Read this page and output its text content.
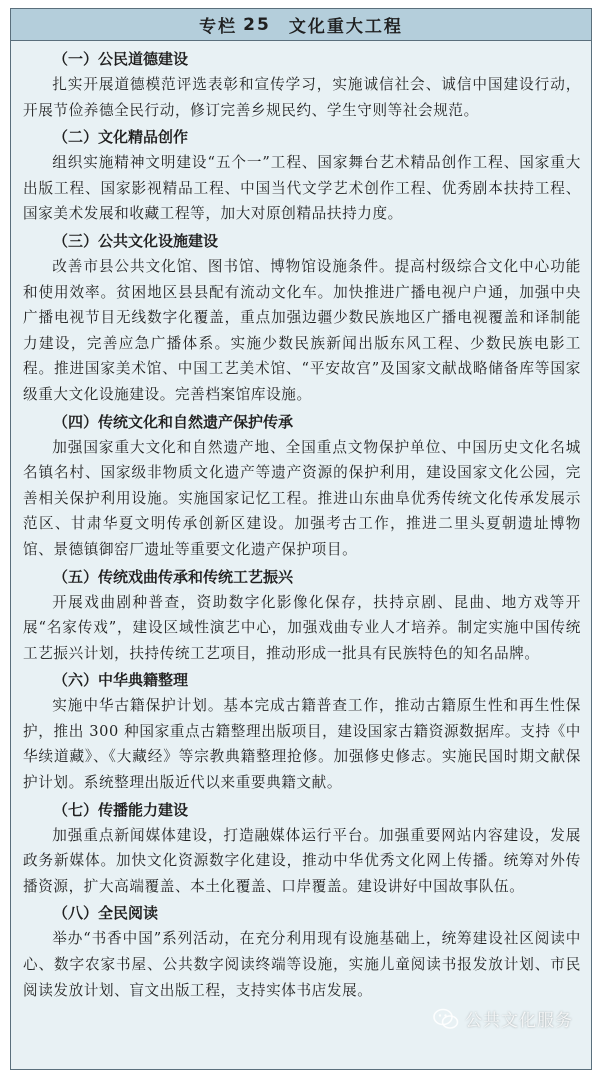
专栏 25 文化重大工程
（一）公民道德建设
扎实开展道德模范评选表彰和宣传学习，实施诚信社会、诚信中国建设行动，开展节俭养德全民行动，修订完善乡规民约、学生守则等社会规范。
（二）文化精品创作
组织实施精神文明建设“五个一”工程、国家舞台艺术精品创作工程、国家重大出版工程、国家影视精品工程、中国当代文学艺术创作工程、优秀剧本扶持工程、国家美术发展和收藏工程等，加大对原创精品扶持力度。
（三）公共文化设施建设
改善市县公共文化馆、图书馆、博物馆设施条件。提高村级综合文化中心功能和使用效率。贫困地区县县配有流动文化车。加快推进广播电视户户通，加强中央广播电视节目无线数字化覆盖，重点加强边疆少数民族地区广播电视覆盖和译制能力建设，完善应急广播体系。实施少数民族新闻出版东风工程、少数民族电影工程。推进国家美术馆、中国工艺美术馆、“平安故宫”及国家文献战略储备库等国家级重大文化设施建设。完善档案馆库设施。
（四）传统文化和自然遗产保护传承
加强国家重大文化和自然遗产地、全国重点文物保护单位、中国历史文化名城名镇名村、国家级非物质文化遗产等遗产资源的保护利用，建设国家文化公园，完善相关保护利用设施。实施国家记忆工程。推进山东曲阜优秀传统文化传承发展示范区、甘肃华夏文明传承创新区建设。加强考古工作，推进二里头夏朝遗址博物馆、景德镇御窑厂遗址等重要文化遗产保护项目。
（五）传统戏曲传承和传统工艺振兴
开展戏曲剧种普查，资助数字化影像化保存，扶持京剧、昆曲、地方戏等开展“名家传戏”，建设区域性演艺中心，加强戏曲专业人才培养。制定实施中国传统工艺振兴计划，扶持传统工艺项目，推动形成一批具有民族特色的知名品牌。
（六）中华典籍整理
实施中华古籍保护计划。基本完成古籍普查工作，推动古籍原生性和再生性保护，推出 300 种国家重点古籍整理出版项目，建设国家古籍资源数据库。支持《中华续道藏》、《大藏经》等宗教典籍整理抢修。加强修史修志。实施民国时期文献保护计划。系统整理出版近代以来重要典籍文献。
（七）传播能力建设
加强重点新闻媒体建设，打造融媒体运行平台。加强重要网站内容建设，发展政务新媒体。加快文化资源数字化建设，推动中华优秀文化网上传播。统筹对外传播资源，扩大高端覆盖、本土化覆盖、口岸覆盖。建设讲好中国故事队伍。
（八）全民阅读
举办“书香中国”系列活动，在充分利用现有设施基础上，统筹建设社区阅读中心、数字农家书屋、公共数字阅读终端等设施，实施儿童阅读书报发放计划、市民阅读发放计划、盲文出版工程，支持实体书店发展。
公共文化服务
